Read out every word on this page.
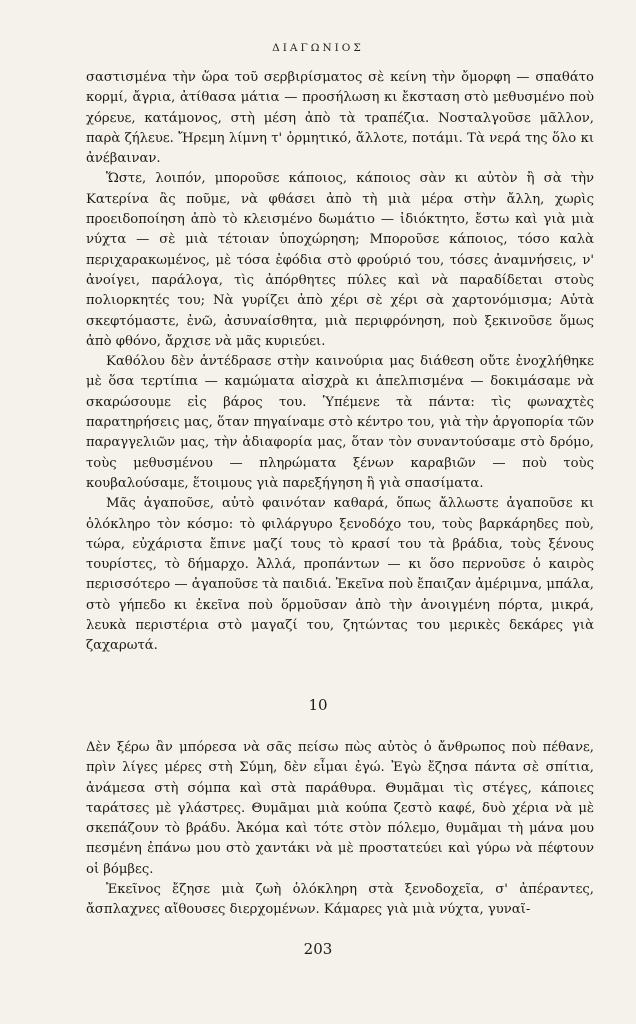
ΔΙΑΓΩΝΙΟΣ

σαστισμένα τὴν ὥρα τοῦ σερβιρίσματος σὲ κείνη τὴν ὄμορφη — σπαθάτο κορμί, ἄγρια, ἀτίθασα μάτια — προσήλωση κι ἔκσταση στὸ μεθυσμένο ποὺ χόρευε, κατάμονος, στὴ μέση ἀπὸ τὰ τραπέζια. Νοσταλγοῦσε μᾶλλον, παρὰ ζήλευε. Ἤρεμη λίμνη τ' ὁρμητικό, ἄλλοτε, ποτάμι. Τὰ νερά της ὅλο κι ἀνέβαιναν.

Ὥστε, λοιπόν, μποροῦσε κάποιος, κάποιος σὰν κι αὐτὸν ἢ σὰ τὴν Κατερίνα ἂς ποῦμε, νὰ φθάσει ἀπὸ τὴ μιὰ μέρα στὴν ἄλλη, χωρὶς προειδοποίηση ἀπὸ τὸ κλεισμένο δωμάτιο — ἰδιόκτητο, ἔστω καὶ γιὰ μιὰ νύχτα — σὲ μιὰ τέτοιαν ὑποχώρηση; Μποροῦσε κάποιος, τόσο καλὰ περιχαρακωμένος, μὲ τόσα ἐφόδια στὸ φρούριό του, τόσες ἀναμνήσεις, ν' ἀνοίγει, παράλογα, τὶς ἀπόρθητες πύλες καὶ νὰ παραδίδεται στοὺς πολιορκητές του; Νὰ γυρίζει ἀπὸ χέρι σὲ χέρι σὰ χαρτονόμισμα; Αὐτὰ σκεφτόμαστε, ἐνῶ, ἀσυναίσθητα, μιὰ περιφρόνηση, ποὺ ξεκινοῦσε ὅμως ἀπὸ φθόνο, ἄρχισε νὰ μᾶς κυριεύει.

Καθόλου δὲν ἀντέδρασε στὴν καινούρια μας διάθεση οὔτε ἐνοχλήθηκε μὲ ὅσα τερτίπια — καμώματα αἰσχρὰ κι ἀπελπισμένα — δοκιμάσαμε νὰ σκαρώσουμε εἰς βάρος του. Ὑπέμενε τὰ πάντα: τὶς φωναχτὲς παρατηρήσεις μας, ὅταν πηγαίναμε στὸ κέντρο του, γιὰ τὴν ἀργοπορία τῶν παραγγελιῶν μας, τὴν ἀδιαφορία μας, ὅταν τὸν συναντούσαμε στὸ δρόμο, τοὺς μεθυσμένου — πληρώματα ξένων καραβιῶν — ποὺ τοὺς κουβαλούσαμε, ἕτοιμους γιὰ παρεξήγηση ἢ γιὰ σπασίματα.

Μᾶς ἀγαποῦσε, αὐτὸ φαινόταν καθαρά, ὅπως ἄλλωστε ἀγαποῦσε κι ὁλόκληρο τὸν κόσμο: τὸ φιλάργυρο ξενοδόχο του, τοὺς βαρκάρηδες ποὺ, τώρα, εὐχάριστα ἔπινε μαζί τους τὸ κρασί του τὰ βράδια, τοὺς ξένους τουρίστες, τὸ δήμαρχο. Ἀλλά, προπάντων — κι ὅσο περνοῦσε ὁ καιρὸς περισσότερο — ἀγαποῦσε τὰ παιδιά. Ἐκεῖνα ποὺ ἔπαιζαν ἀμέριμνα, μπάλα, στὸ γήπεδο κι ἐκεῖνα ποὺ ὅρμοῦσαν ἀπὸ τὴν ἀνοιγμένη πόρτα, μικρά, λευκὰ περιστέρια στὸ μαγαζί του, ζητώντας του μερικὲς δεκάρες γιὰ ζαχαρωτά.

10

Δὲν ξέρω ἂν μπόρεσα νὰ σᾶς πείσω πὼς αὐτὸς ὁ ἄνθρωπος ποὺ πέθανε, πρὶν λίγες μέρες στὴ Σύμη, δὲν εἶμαι ἐγώ. Ἐγὼ ἔζησα πάντα σὲ σπίτια, ἀνάμεσα στὴ σόμπα καὶ στὰ παράθυρα. Θυμᾶμαι τὶς στέγες, κάποιες ταράτσες μὲ γλάστρες. Θυμᾶμαι μιὰ κούπα ζεστὸ καφέ, δυὸ χέρια νὰ μὲ σκεπάζουν τὸ βράδυ. Ἀκόμα καὶ τότε στὸν πόλεμο, θυμᾶμαι τὴ μάνα μου πεσμένη ἐπάνω μου στὸ χαντάκι νὰ μὲ προστατεύει καὶ γύρω νὰ πέφτουν οἱ βόμβες.

Ἐκεῖνος ἔζησε μιὰ ζωὴ ὁλόκληρη στὰ ξενοδοχεῖα, σ' ἀπέραντες, ἄσπλαχνες αἴθουσες διερχομένων. Κάμαρες γιὰ μιὰ νύχτα, γυναῖ-

203
